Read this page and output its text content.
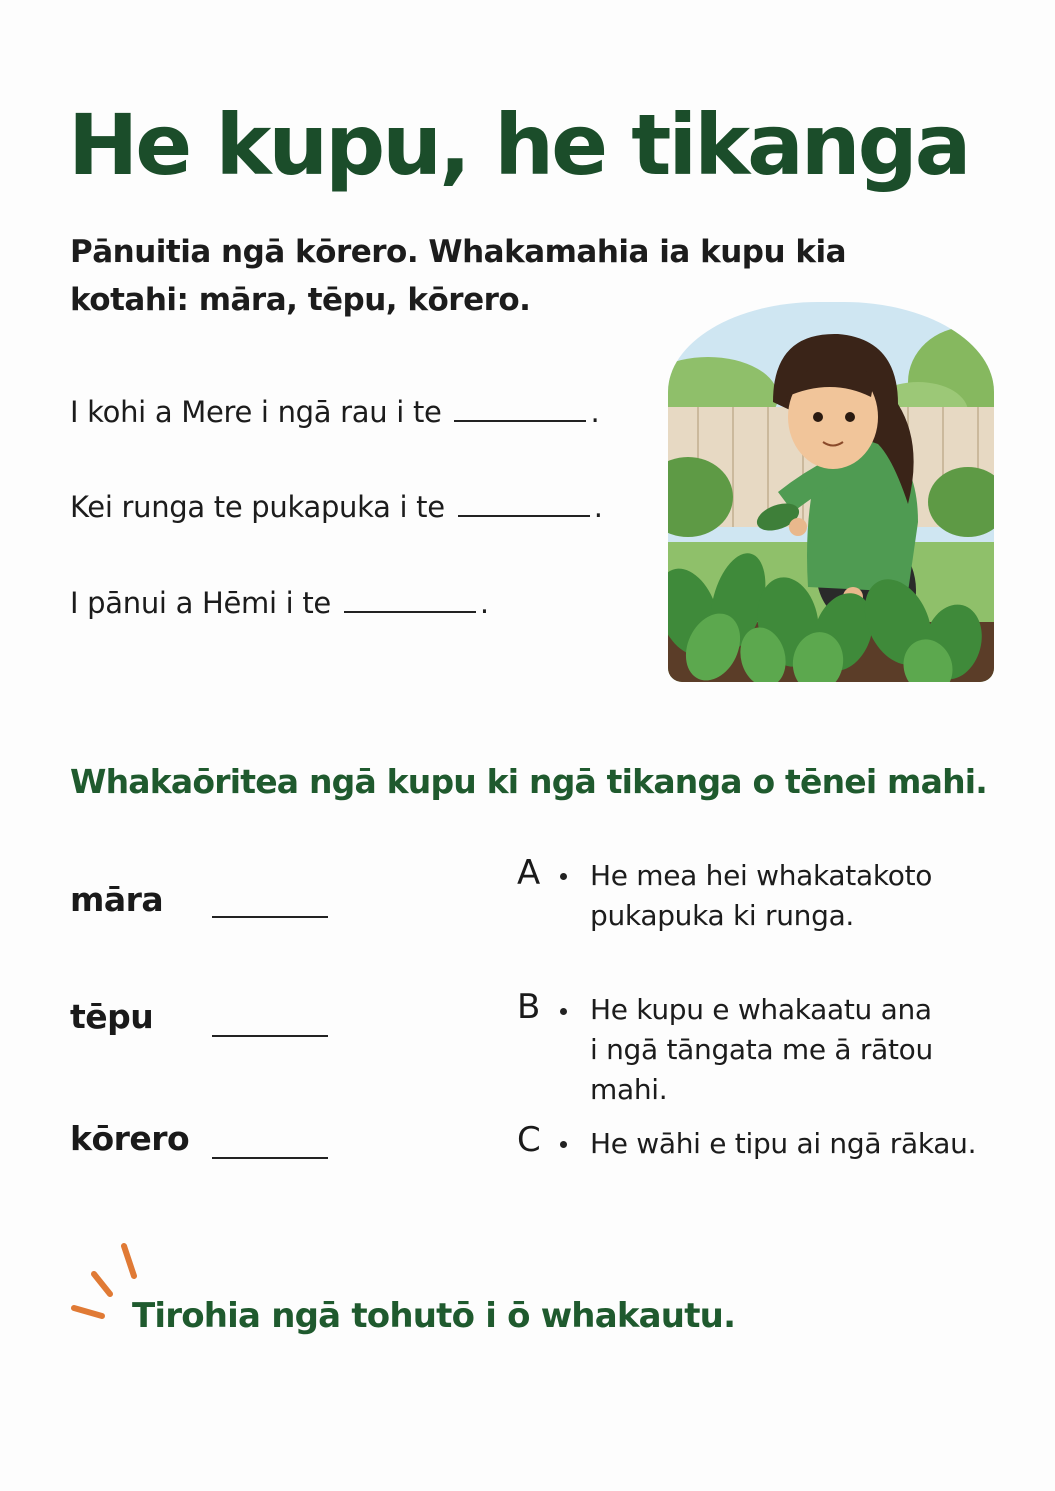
He kupu, he tikanga

Pānuitia ngā kōrero. Whakamahia ia kupu kia kotahi: māra, tēpu, kōrero.

I kohi a Mere i ngā rau i te	.
Kei runga te pukapuka i te	.
I pānui a Hēmi i te	.
Whakaōritea ngā kupu ki ngā tikanga o tēnei mahi.
māra
tēpu
kōrero
A He mea hei whakatakoto
pukapuka ki runga.
B He kupu e whakaatu ana
i ngā tāngata me ā rātou mahi.
C He wāhi e tipu ai ngā rākau.
Tirohia ngā tohutō i ō whakautu.
